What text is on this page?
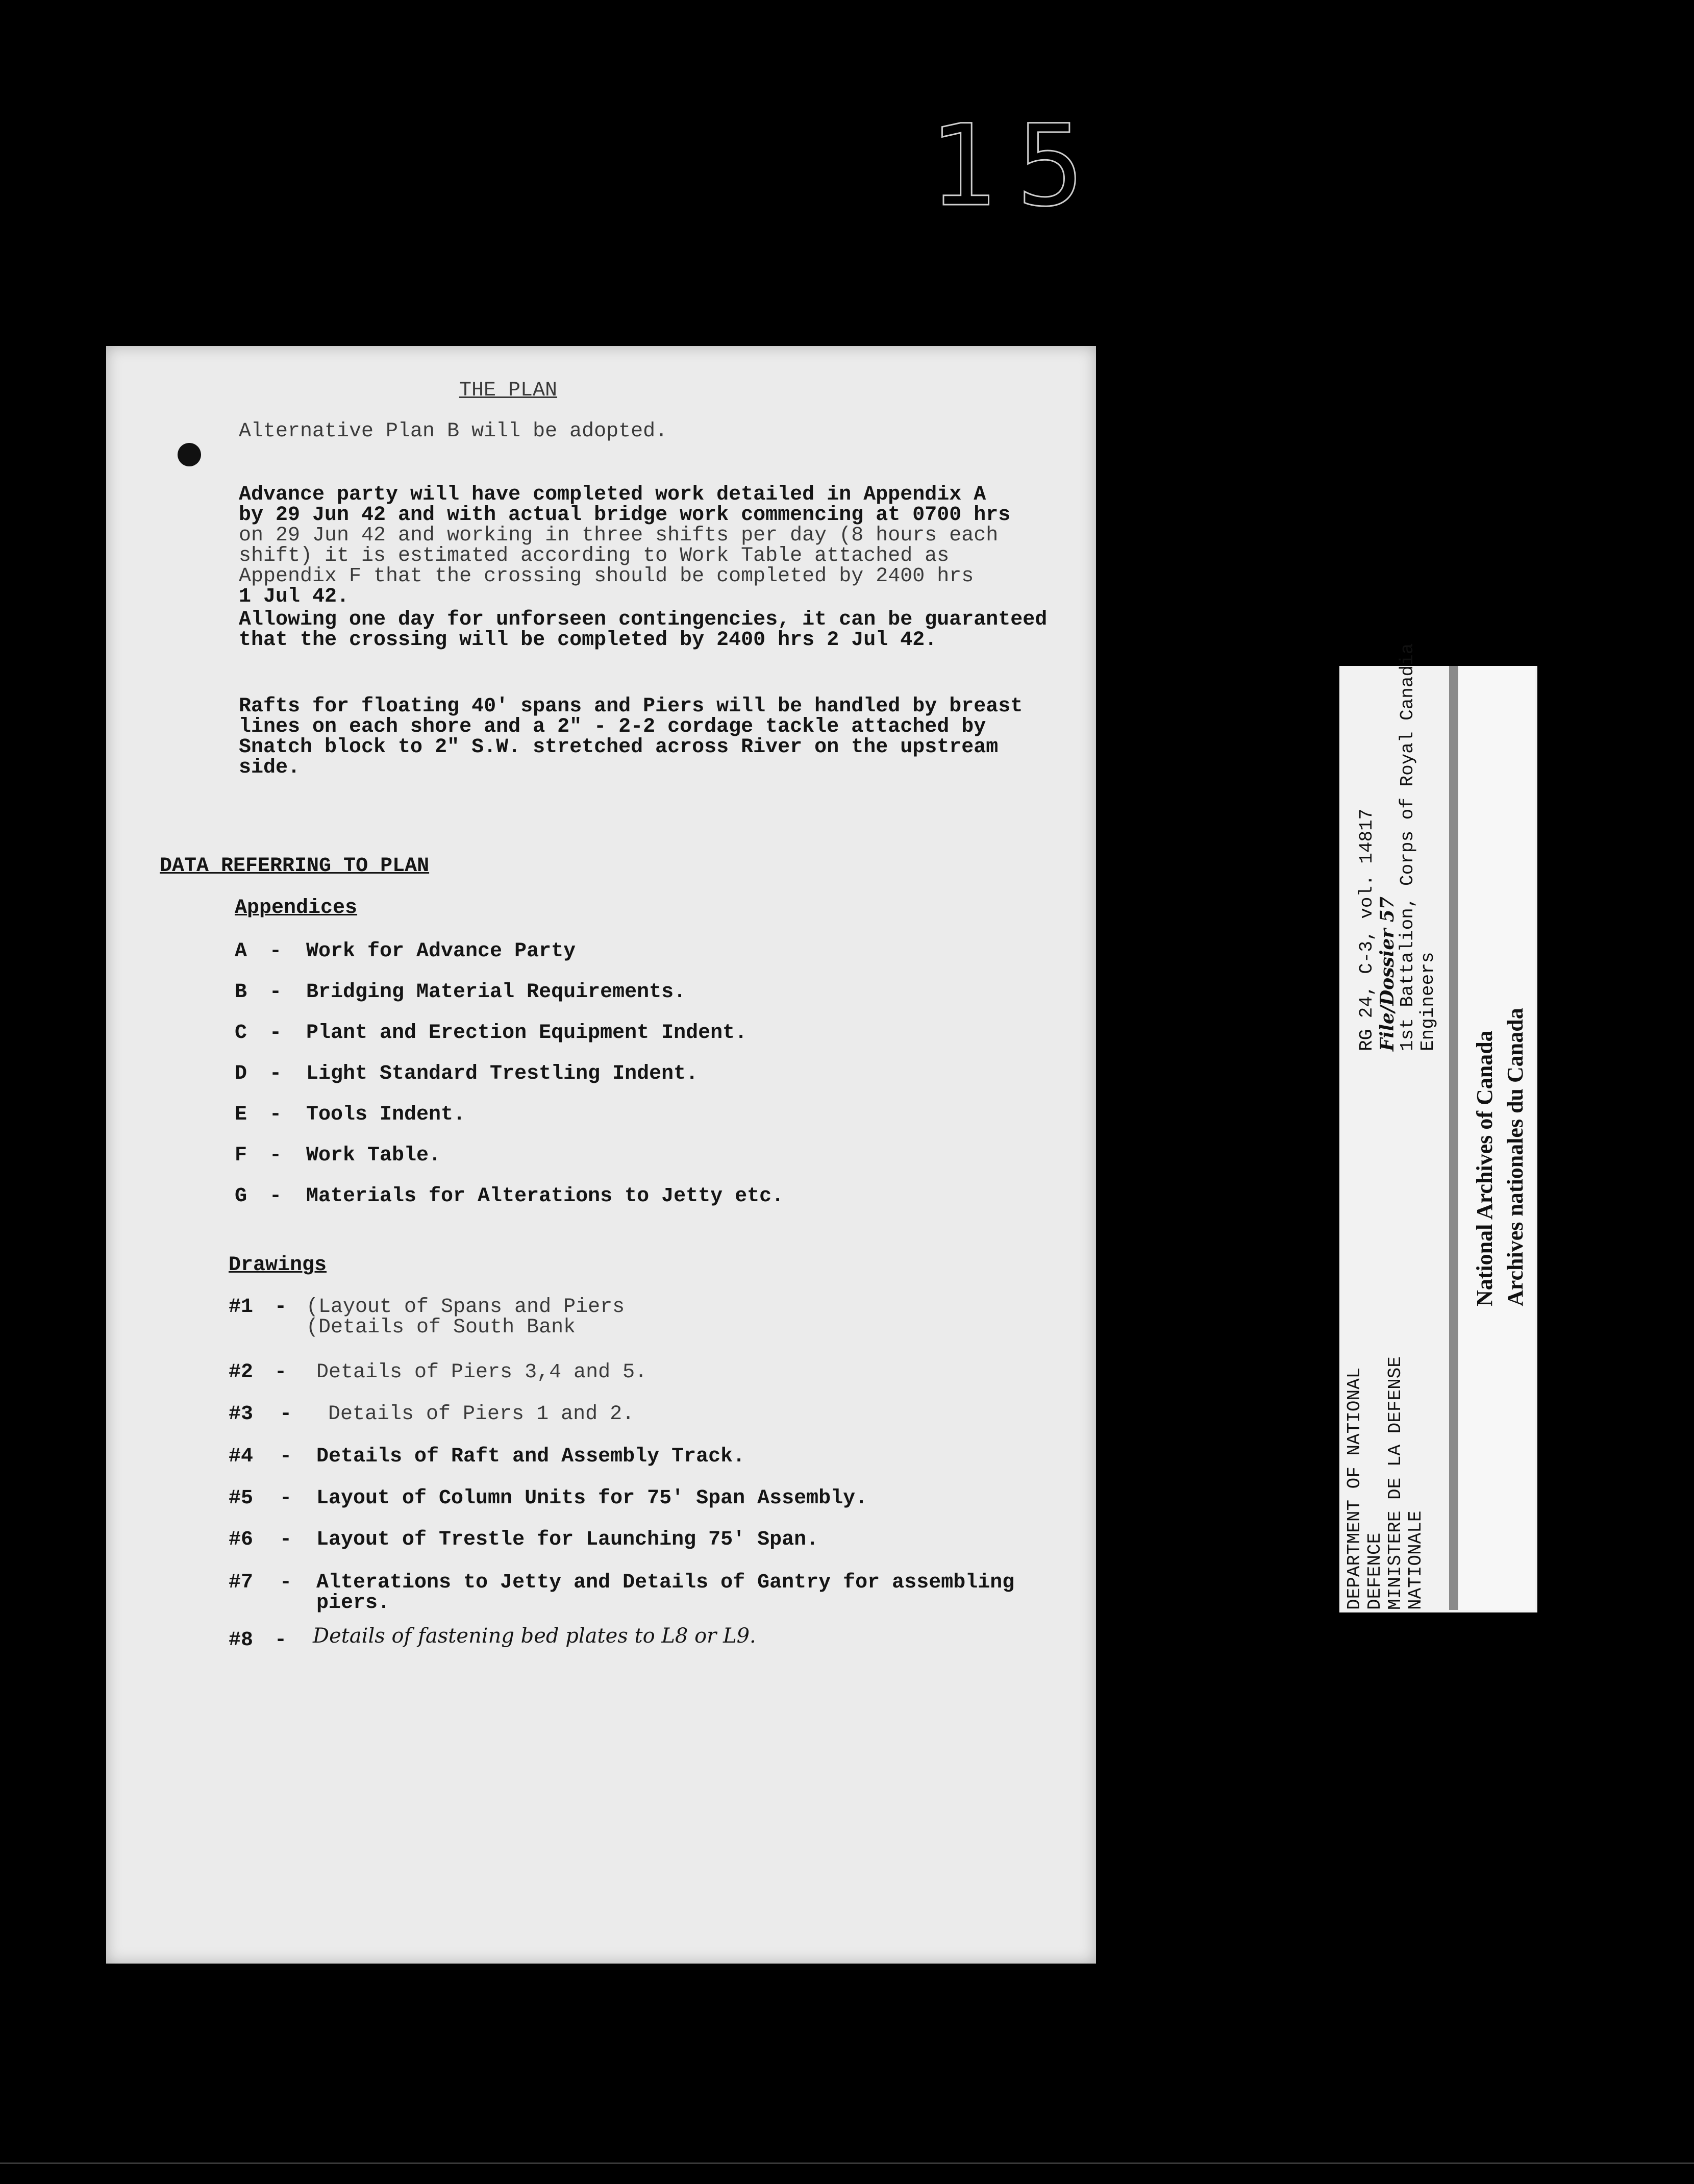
15
THE PLAN
Alternative Plan B will be adopted.
Advance party will have completed work detailed in Appendix A
by 29 Jun 42 and with actual bridge work commencing at 0700 hrs
on 29 Jun 42 and working in three shifts per day (8 hours each
shift) it is estimated according to Work Table attached as
Appendix F that the crossing should be completed by 2400 hrs
1 Jul 42.
Allowing one day for unforseen contingencies, it can be guaranteed
that the crossing will be completed by 2400 hrs 2 Jul 42.
Rafts for floating 40' spans and Piers will be handled by breast
lines on each shore and a 2" - 2-2 cordage tackle attached by
Snatch block to 2" S.W. stretched across River on the upstream
side.
DATA REFERRING TO PLAN
Appendices
A - Work for Advance Party
B - Bridging Material Requirements.
C - Plant and Erection Equipment Indent.
D - Light Standard Trestling Indent.
E - Tools Indent.
F - Work Table.
G - Materials for Alterations to Jetty etc.
Drawings
#1 - (Layout of Spans and Piers
(Details of South Bank
#2 - Details of Piers 3,4 and 5.
#3 - Details of Piers 1 and 2.
#4 - Details of Raft and Assembly Track.
#5 - Layout of Column Units for 75' Span Assembly.
#6 - Layout of Trestle for Launching 75' Span.
#7 - Alterations to Jetty and Details of Gantry for assembling
piers.
#8 - Details of fastening bed plates to L8 or L9.
DEPARTMENT OF NATIONAL DEFENCE MINISTERE DE LA DEFENSE NATIONALE
RG 24, C-3, vol. 14817 File/Dossier 57
1st Battalion, Corps of Royal Canadia Engineers
National Archives of Canada Archives nationales du Canada
